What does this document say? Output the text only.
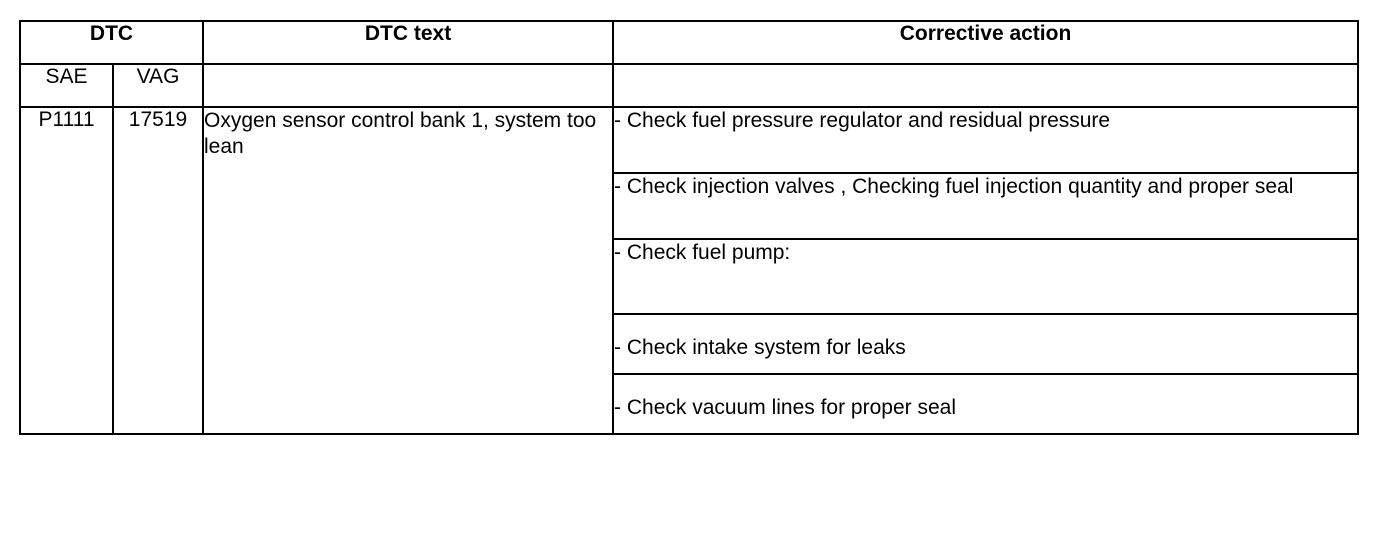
DTC		DTC text	Corrective action
SAE	VAG		
P1111	17519	Oxygen sensor control bank 1, system too lean	- Check fuel pressure regulator and residual pressure

			- Check injection valves , Checking fuel injection quantity and proper seal

			- Check fuel pump:

			- Check intake system for leaks

			- Check vacuum lines for proper seal
